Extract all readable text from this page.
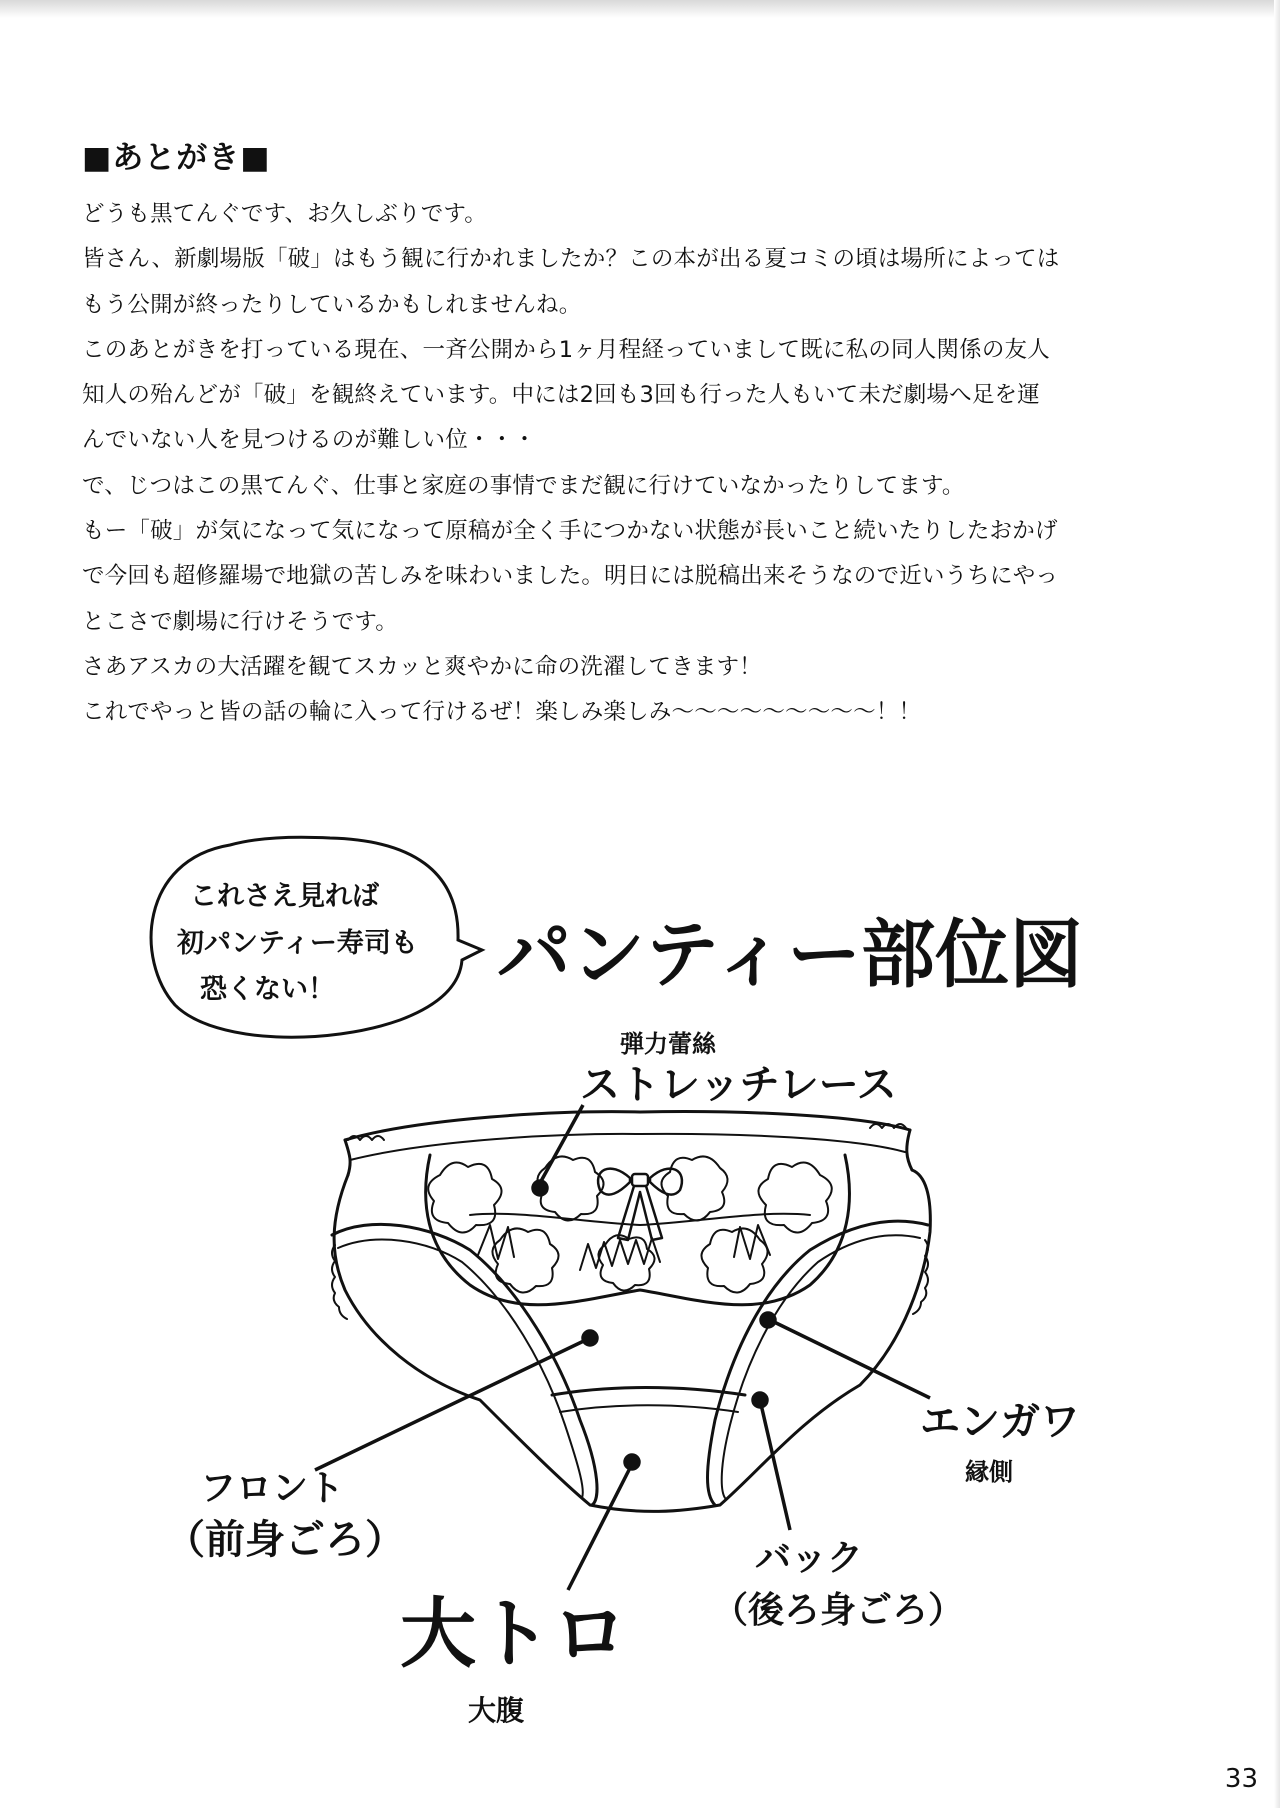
■あとがき■
どうも黒てんぐです、お久しぶりです。
皆さん、新劇場版「破」はもう観に行かれましたか？この本が出る夏コミの頃は場所によっては
もう公開が終ったりしているかもしれませんね。
このあとがきを打っている現在、一斉公開から1ヶ月程経っていまして既に私の同人関係の友人
知人の殆んどが「破」を観終えています。中には2回も3回も行った人もいて未だ劇場へ足を運
んでいない人を見つけるのが難しい位・・・
で、じつはこの黒てんぐ、仕事と家庭の事情でまだ観に行けていなかったりしてます。
もー「破」が気になって気になって原稿が全く手につかない状態が長いこと続いたりしたおかげ
で今回も超修羅場で地獄の苦しみを味わいました。明日には脱稿出来そうなので近いうちにやっ
とこさで劇場に行けそうです。
さあアスカの大活躍を観てスカッと爽やかに命の洗濯してきます！
これでやっと皆の話の輪に入って行けるぜ！楽しみ楽しみ～～～～～～～～～！！
これさえ見れば
初パンティー寿司も
恐くない！ パンティー部位図
弾力蕾絲
ストレッチレース
エンガワ
縁側
フロント
（前身ごろ）	バック
（後ろ身ごろ）
大トロ
大腹
33
